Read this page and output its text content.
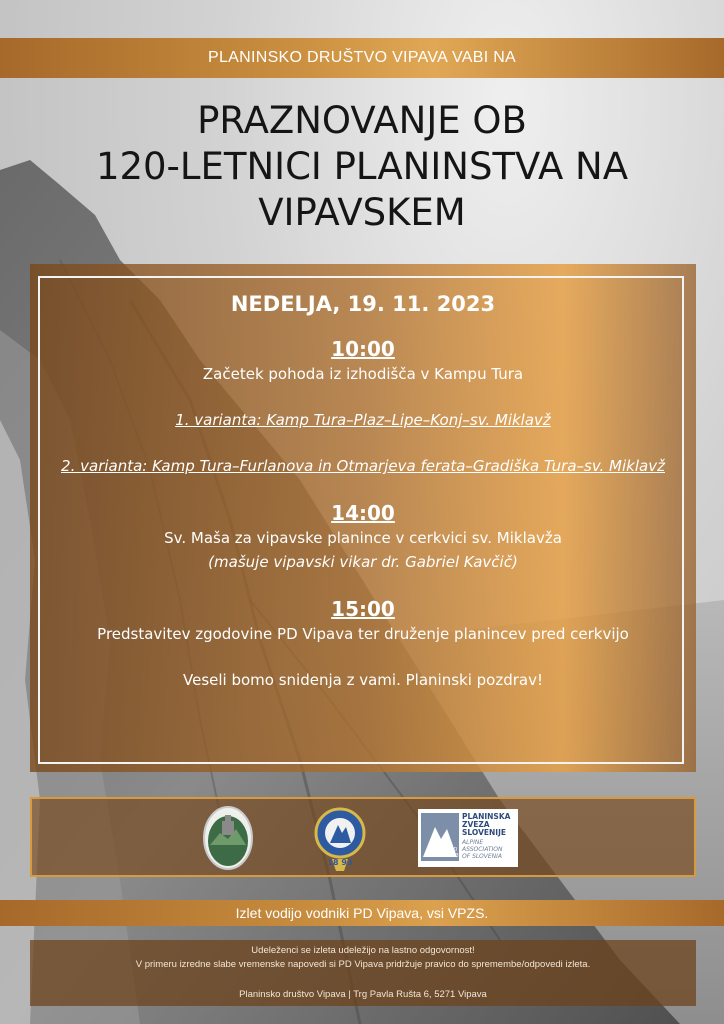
PLANINSKO DRUŠTVO VIPAVA VABI NA
PRAZNOVANJE OB
120-LETNICI PLANINSTVA NA
VIPAVSKEM
NEDELJA, 19. 11. 2023
10:00
Začetek pohoda iz izhodišča v Kampu Tura
1. varianta: Kamp Tura–Plaz–Lipe–Konj–sv. Miklavž
2. varianta: Kamp Tura–Furlanova in Otmarjeva ferata–Gradiška Tura–sv. Miklavž
14:00
Sv. Maša za vipavske planince v cerkvici sv. Miklavža
(mašuje vipavski vikar dr. Gabriel Kavčič)
15:00
Predstavitev zgodovine PD Vipava ter druženje planincev pred cerkvijo
Veseli bomo snidenja z vami. Planinski pozdrav!
18 93
PLANINSKA
ZVEZA
SLOVENIJE
ALPINE
ASSOCIATION
OF SLOVENIA
SPD
1893
Izlet vodijo vodniki PD Vipava, vsi VPZS.
Udeleženci se izleta udeležijo na lastno odgovornost!
V primeru izredne slabe vremenske napovedi si PD Vipava pridržuje pravico do spremembe/odpovedi izleta.
Planinsko društvo Vipava | Trg Pavla Rušta 6, 5271 Vipava
